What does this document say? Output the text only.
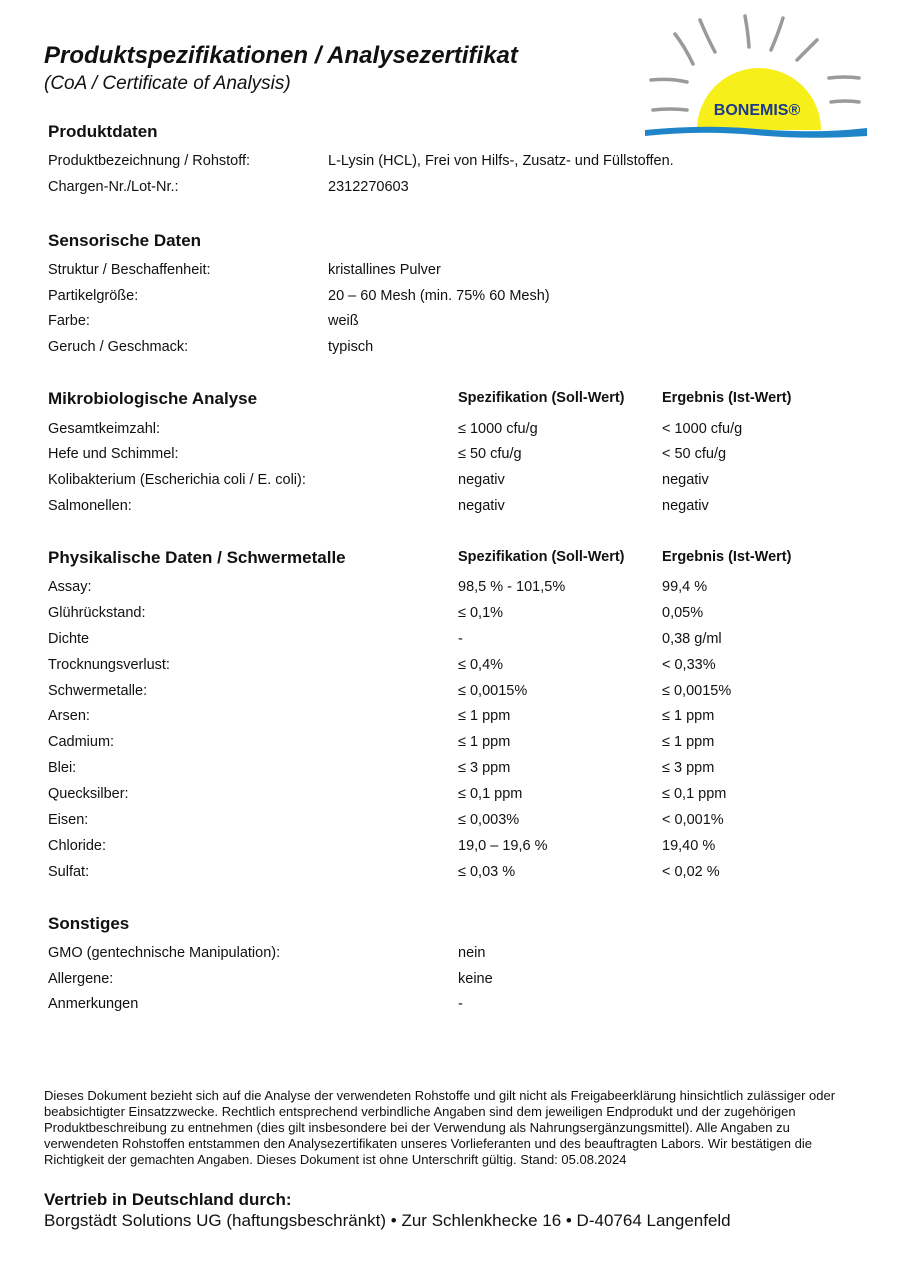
Produktspezifikationen / Analysezertifikat
(CoA / Certificate of Analysis)
BONEMIS®
Produktdaten
Produktbezeichnung / Rohstoff:	L-Lysin (HCL), Frei von Hilfs-, Zusatz- und Füllstoffen.
Chargen-Nr./Lot-Nr.:	2312270603
Sensorische Daten
Struktur / Beschaffenheit:	kristallines Pulver
Partikelgröße:	20 – 60 Mesh (min. 75% 60 Mesh)
Farbe:	weiß
Geruch / Geschmack:	typisch
Mikrobiologische Analyse	Spezifikation (Soll-Wert)	Ergebnis (Ist-Wert)
Gesamtkeimzahl:	≤ 1000 cfu/g	< 1000 cfu/g
Hefe und Schimmel:	≤ 50 cfu/g	< 50 cfu/g
Kolibakterium (Escherichia coli / E. coli):	negativ	negativ
Salmonellen:	negativ	negativ
Physikalische Daten / Schwermetalle	Spezifikation (Soll-Wert)	Ergebnis (Ist-Wert)
Assay:	98,5 % - 101,5%	99,4 %
Glührückstand:	≤ 0,1%	0,05%
Dichte	-	0,38 g/ml
Trocknungsverlust:	≤ 0,4%	< 0,33%
Schwermetalle:	≤ 0,0015%	≤ 0,0015%
Arsen:	≤ 1 ppm	≤ 1 ppm
Cadmium:	≤ 1 ppm	≤ 1 ppm
Blei:	≤ 3 ppm	≤ 3 ppm
Quecksilber:	≤ 0,1 ppm	≤ 0,1 ppm
Eisen:	≤ 0,003%	< 0,001%
Chloride:	19,0 – 19,6 %	19,40 %
Sulfat:	≤ 0,03 %	< 0,02 %
Sonstiges
GMO (gentechnische Manipulation):	nein
Allergene:	keine
Anmerkungen	-
Dieses Dokument bezieht sich auf die Analyse der verwendeten Rohstoffe und gilt nicht als Freigabeerklärung hinsichtlich zulässiger oder beabsichtigter Einsatzzwecke. Rechtlich entsprechend verbindliche Angaben sind dem jeweiligen Endprodukt und der zugehörigen Produktbeschreibung zu entnehmen (dies gilt insbesondere bei der Verwendung als Nahrungsergänzungsmittel). Alle Angaben zu verwendeten Rohstoffen entstammen den Analysezertifikaten unseres Vorlieferanten und des beauftragten Labors. Wir bestätigen die Richtigkeit der gemachten Angaben. Dieses Dokument ist ohne Unterschrift gültig. Stand: 05.08.2024
Vertrieb in Deutschland durch:
Borgstädt Solutions UG (haftungsbeschränkt) • Zur Schlenkhecke 16 • D-40764 Langenfeld
